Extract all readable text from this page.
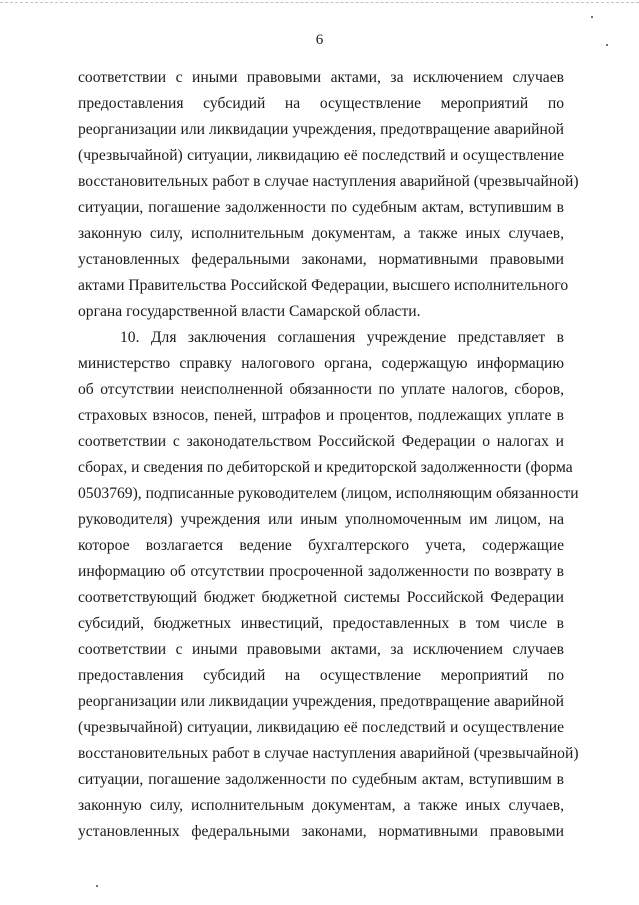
6
соответствии с иными правовыми актами, за исключением случаев
предоставления субсидий на осуществление мероприятий по
реорганизации или ликвидации учреждения, предотвращение аварийной
(чрезвычайной) ситуации, ликвидацию её последствий и осуществление
восстановительных работ в случае наступления аварийной (чрезвычайной)
ситуации, погашение задолженности по судебным актам, вступившим в
законную силу, исполнительным документам, а также иных случаев,
установленных федеральными законами, нормативными правовыми
актами Правительства Российской Федерации, высшего исполнительного
органа государственной власти Самарской области.
10. Для заключения соглашения учреждение представляет в
министерство справку налогового органа, содержащую информацию
об отсутствии неисполненной обязанности по уплате налогов, сборов,
страховых взносов, пеней, штрафов и процентов, подлежащих уплате в
соответствии с законодательством Российской Федерации о налогах и
сборах, и сведения по дебиторской и кредиторской задолженности (форма
0503769), подписанные руководителем (лицом, исполняющим обязанности
руководителя) учреждения или иным уполномоченным им лицом, на
которое возлагается ведение бухгалтерского учета, содержащие
информацию об отсутствии просроченной задолженности по возврату в
соответствующий бюджет бюджетной системы Российской Федерации
субсидий, бюджетных инвестиций, предоставленных в том числе в
соответствии с иными правовыми актами, за исключением случаев
предоставления субсидий на осуществление мероприятий по
реорганизации или ликвидации учреждения, предотвращение аварийной
(чрезвычайной) ситуации, ликвидацию её последствий и осуществление
восстановительных работ в случае наступления аварийной (чрезвычайной)
ситуации, погашение задолженности по судебным актам, вступившим в
законную силу, исполнительным документам, а также иных случаев,
установленных федеральными законами, нормативными правовыми
